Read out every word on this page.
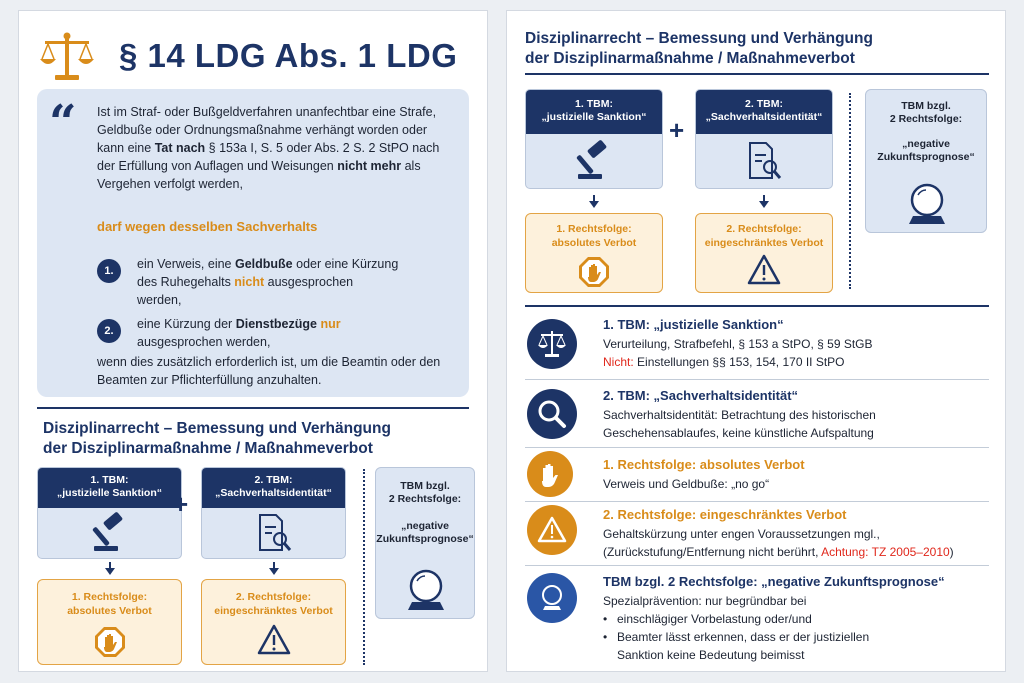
§ 14 LDG Abs. 1 LDG
“ Ist im Straf- oder Bußgeldverfahren unanfechtbar eine Strafe, Geldbuße oder Ordnungsmaßnahme verhängt worden oder kann eine Tat nach § 153a I, S. 5 oder Abs. 2 S. 2 StPO nach der Erfüllung von Auflagen und Weisungen nicht mehr als Vergehen verfolgt werden,
darf wegen desselben Sachverhalts
1.	ein Verweis, eine Geldbuße oder eine Kürzung des Ruhegehalts nicht ausgesprochen werden,
2.	eine Kürzung der Dienstbezüge nur ausgesprochen werden,
wenn dies zusätzlich erforderlich ist, um die Beamtin oder den Beamten zur Pflichterfüllung anzuhalten.
Disziplinarrecht – Bemessung und Verhängung
der Disziplinarmaßnahme / Maßnahmeverbot
1. TBM:
„justizielle Sanktion“ +
2. TBM:
„Sachverhaltsidentität“
1. Rechtsfolge:
absolutes Verbot
2. Rechtsfolge:
eingeschränktes Verbot
TBM bzgl.
2 Rechtsfolge:
„negative
Zukunftsprognose“
Disziplinarrecht – Bemessung und Verhängung
der Disziplinarmaßnahme / Maßnahmeverbot
1. TBM:
„justizielle Sanktion“ +
2. TBM:
„Sachverhaltsidentität“
1. Rechtsfolge:
absolutes Verbot
2. Rechtsfolge:
eingeschränktes Verbot
TBM bzgl.
2 Rechtsfolge:
„negative
Zukunftsprognose“
1. TBM: „justizielle Sanktion“
Verurteilung, Strafbefehl, § 153 a StPO, § 59 StGB
Nicht: Einstellungen §§ 153, 154, 170 II StPO
2. TBM: „Sachverhaltsidentität“
Sachverhaltsidentität: Betrachtung des historischen
Geschehensablaufes, keine künstliche Aufspaltung
1. Rechtsfolge: absolutes Verbot
Verweis und Geldbuße: „no go“
2. Rechtsfolge: eingeschränktes Verbot
Gehaltskürzung unter engen Voraussetzungen mgl.,
(Zurückstufung/Entfernung nicht berührt, Achtung: TZ 2005–2010)
TBM bzgl. 2 Rechtsfolge: „negative Zukunftsprognose“
Spezialprävention: nur begründbar bei
• einschlägiger Vorbelastung oder/und
• Beamter lässt erkennen, dass er der justiziellen Sanktion keine Bedeutung beimisst
